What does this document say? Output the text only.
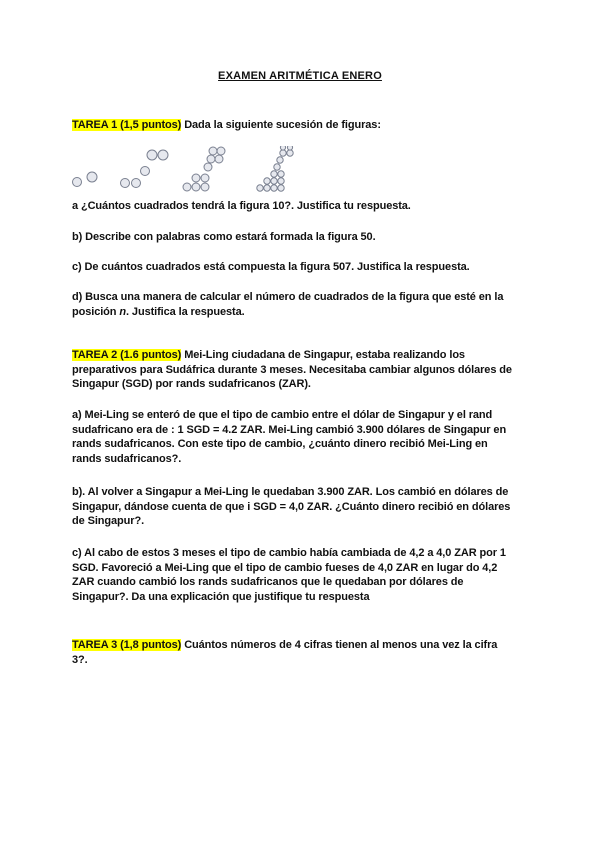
EXAMEN ARITMÉTICA ENERO
TAREA 1 (1,5 puntos) Dada la siguiente sucesión de figuras:
a ¿Cuántos cuadrados tendrá la figura 10?. Justifica tu respuesta.
b) Describe con palabras como estará formada la figura 50.
c) De cuántos cuadrados está compuesta la figura 507. Justifica la respuesta.
d) Busca una manera de calcular el número de cuadrados de la figura que esté en la
posición n. Justifica la respuesta.
TAREA 2 (1.6 puntos) Mei-Ling ciudadana de Singapur, estaba realizando los
preparativos para Sudáfrica durante 3 meses. Necesitaba cambiar algunos dólares de
Singapur (SGD) por rands sudafricanos (ZAR).
a) Mei-Ling se enteró de que el tipo de cambio entre el dólar de Singapur y el rand
sudafricano era de : 1 SGD = 4.2 ZAR. Mei-Ling cambió 3.900 dólares de Singapur en
rands sudafricanos. Con este tipo de cambio, ¿cuánto dinero recibió Mei-Ling en
rands sudafricanos?.
b). Al volver a Singapur a Mei-Ling le quedaban 3.900 ZAR. Los cambió en dólares de
Singapur, dándose cuenta de que i SGD = 4,0 ZAR. ¿Cuánto dinero recibió en dólares
de Singapur?.
c) Al cabo de estos 3 meses el tipo de cambio había cambiada de 4,2 a 4,0 ZAR por 1
SGD. Favoreció a Mei-Ling que el tipo de cambio fueses de 4,0 ZAR en lugar do 4,2
ZAR cuando cambió los rands sudafricanos que le quedaban por dólares de
Singapur?. Da una explicación que justifique tu respuesta
TAREA 3 (1,8 puntos) Cuántos números de 4 cifras tienen al menos una vez la cifra
3?.
